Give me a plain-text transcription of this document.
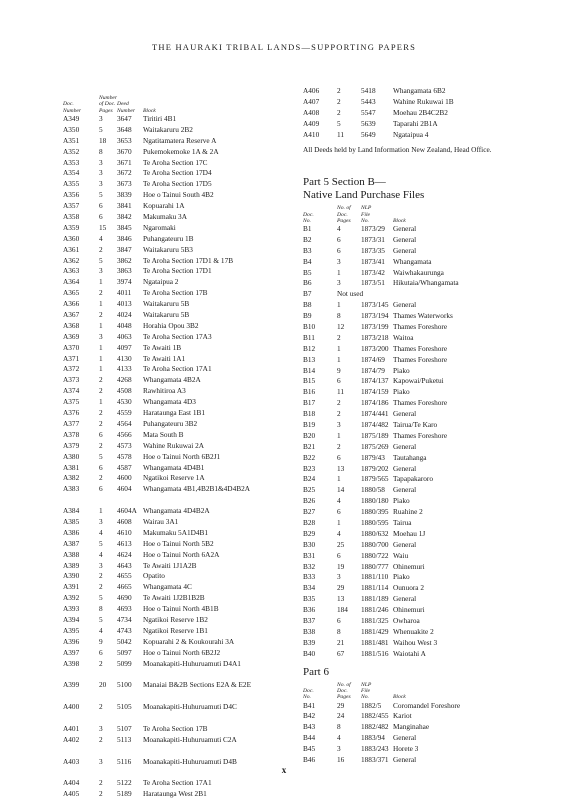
THE HAURAKI TRIBAL LANDS—SUPPORTING PAPERS
Doc.
Number
Number
of Doc.
Pages
Deed
Number Block
A349	3 3647 Tiritiri 4B1
A350	5 3648 Waitakaruru 2B2
A351	18 3653 Ngatitamatera Reserve A
A352	8 3670 Pukemokemoke 1A & 2A
A353	3 3671 Te Aroha Section 17C
A354	3 3672 Te Aroha Section 17D4
A355	3 3673 Te Aroha Section 17D5
A356	5 3839 Hoe o Tainui South 4B2
A357	6 3841 Kopuarahi 1A
A358	6 3842 Makumaku 3A
A359	15 3845 Ngaromaki
A360	4 3846 Puhangateuru 1B
A361	2 3847 Waitakaruru 5B3
A362	5 3862 Te Aroha Section 17D1 & 17B
A363	3 3863 Te Aroha Section 17D1
A364	1 3974 Ngataipua 2
A365	2 4011 Te Aroha Section 17B
A366	1 4013 Waitakaruru 5B
A367	2 4024 Waitakaruru 5B
A368	1 4048 Horahia Opou 3B2
A369	3 4063 Te Aroha Section 17A3
A370	1 4097 Te Awaiti 1B
A371	1 4130 Te Awaiti 1A1
A372	1 4133 Te Aroha Section 17A1
A373	2 4268 Whangamata 4B2A
A374	2 4508 Rawhitiroa A3
A375	1 4530 Whangamata 4D3
A376	2 4559 Harataunga East 1B1
A377	2 4564 Puhangateuru 3B2
A378	6 4566 Mata South B
A379	2 4573 Wahine Rukuwai 2A
A380	5 4578 Hoe o Tainui North 6B2J1
A381	6 4587 Whangamata 4D4B1
A382	2 4600 Ngatikoi Reserve 1A
A383	6 4604 Whangamata 4B1,4B2B1&4D4B2A
A384	1 4604A Whangamata 4D4B2A
A385	3 4608 Wairau 3A1
A386	4 4610 Makumaku 5A1D4B1
A387	5 4613 Hoe o Tainui North 5B2
A388	4 4624 Hoe o Tainui North 6A2A
A389	3 4643 Te Awaiti 1J1A2B
A390	2 4655 Opatito
A391	2 4665 Whangamata 4C
A392	5 4690 Te Awaiti 1J2B1B2B
A393	8 4693 Hoe o Tainui North 4B1B
A394	5 4734 Ngatikoi Reserve 1B2
A395	4 4743 Ngatikoi Reserve 1B1
A396	9 5042 Kopuarahi 2 & Koukourahi 3A
A397	6 5097 Hoe o Tainui North 6B2J2
A398	2 5099 Moanakapiti-Huhuruamuti D4A1
A399	20 5100 Manaiai B&2B Sections E2A & E2E
A400	2 5105 Moanakapiti-Huhuruamuti D4C
A401	3 5107 Te Aroha Section 17B
A402	2 5113 Moanakapiti-Huhuruamuti C2A
A403	3 5116 Moanakapiti-Huhuruamuti D4B
A404	2 5122 Te Aroha Section 17A1
A405	2 5189 Harataunga West 2B1
A406 2	5418 Whangamata 6B2
A407 2	5443 Wahine Rukuwai 1B
A408 2	5547 Moehau 2B4C2B2
A409 5	5639 Taparahi 2B1A
A410 11 5649 Ngataipua 4
All Deeds held by Land Information New Zealand, Head Office.
Part 5 Section B—
Native Land Purchase Files
Doc.
No.
No. of
Doc.
Pages
NLP
File
No.	Block
B1	4	1873/29 General
B2	6	1873/31 General
B3	6	1873/35 General
B4	3	1873/41 Whangamata
B5	1	1873/42 Waiwhakaurunga
B6	3	1873/51 Hikutaia/Whangamata
B7	Not used
B8	1	1873/145 General
B9	8	1873/194 Thames Waterworks
B10	12 1873/199 Thames Foreshore
B11	2	1873/218 Waitoa
B12	1	1873/200 Thames Foreshore
B13	1	1874/69 Thames Foreshore
B14	9	1874/79 Piako
B15	6	1874/137 Kapowai/Puketui
B16	11 1874/159 Piako
B17	2	1874/186 Thames Foreshore
B18	2	1874/441 General
B19	3	1874/482 Tairua/Te Karo
B20	1	1875/189 Thames Foreshore
B21	2	1875/269 General
B22	6	1879/43 Tautahanga
B23	13 1879/202 General
B24	1	1879/565 Tapapakaroro
B25	14 1880/58 General
B26	4	1880/180 Piako
B27	6	1880/395 Ruahine 2
B28	1	1880/595 Tairua
B29	4	1880/632 Moehau 1J
B30	25 1880/700 General
B31	6	1880/722 Waiu
B32	19 1880/777 Ohinemuri
B33	3	1881/110 Piako
B34	29 1881/114 Ounuora 2
B35	13 1881/189 General
B36	184 1881/246 Ohinemuri
B37	6	1881/325 Owharoa
B38	8	1881/429 Whenuakite 2
B39	21 1881/481 Waihou West 3
B40	67 1881/516 Waiotahi A
Part 6
Doc.
No.
No. of
Doc.
Pages
NLP
File
No.	Block
B41	29 1882/5 Coromandel Foreshore
B42	24 1882/455 Kariot
B43	8	1882/482 Manginahae
B44	4	1883/94 General
B45	3	1883/243 Horete 3
B46	16 1883/371 General
x
